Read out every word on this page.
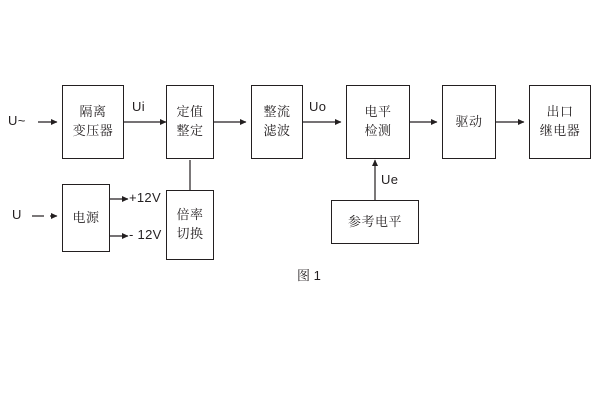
隔离
变压器
定值
整定
整流
滤波
电平
检测
驱动
出口
继电器
电源	倍率
切换
参考电平
U~
U
Ui	Uo
Ue
+12V
- 12V
图 1
